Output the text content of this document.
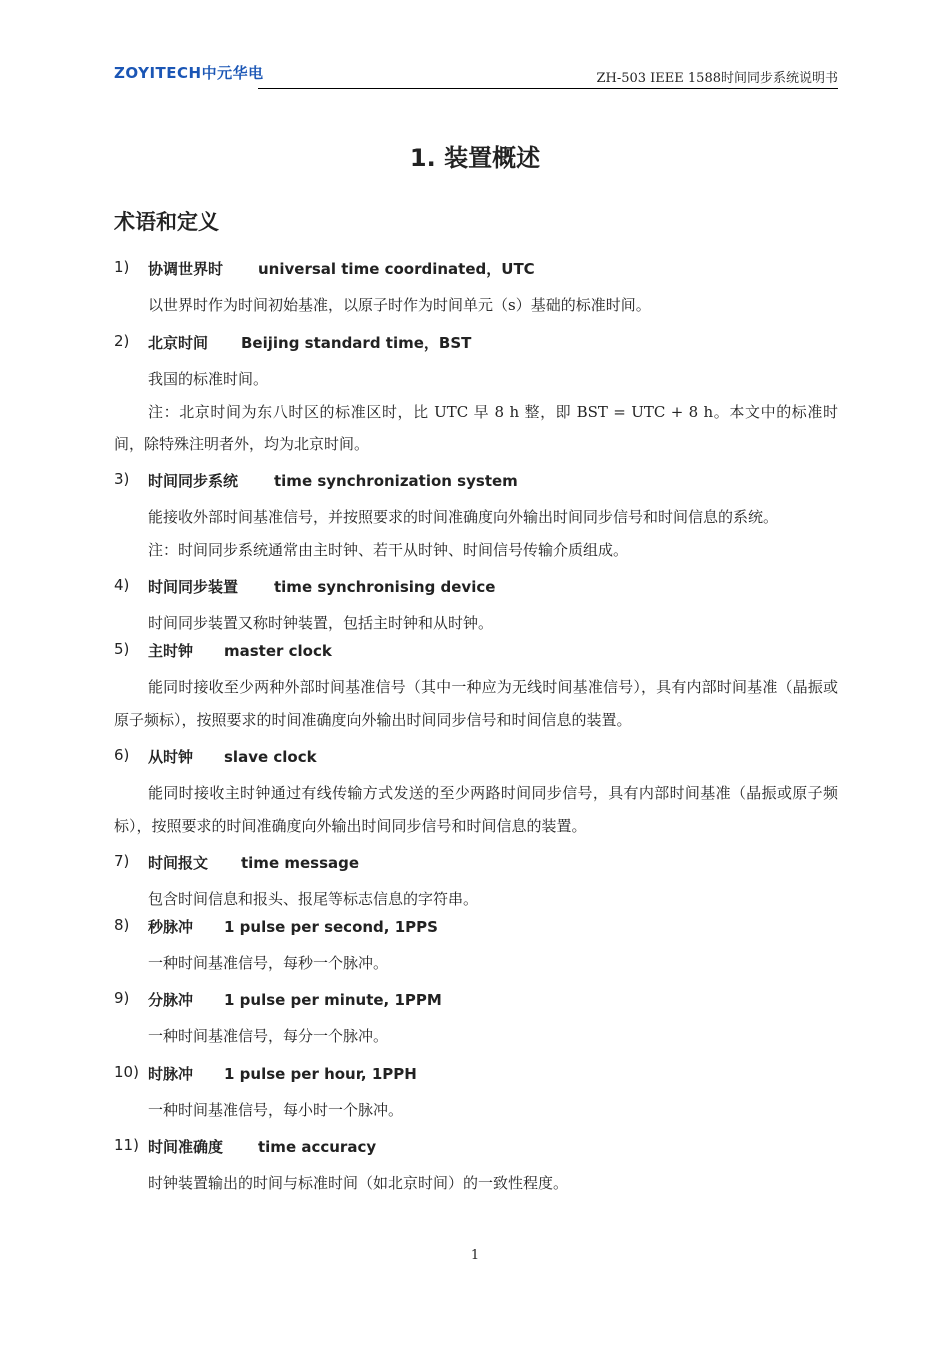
ZOYITECH中元华电	ZH-503 IEEE 1588时间同步系统说明书
1. 装置概述
术语和定义
1) 协调世界时 universal time coordinated，UTC

以世界时作为时间初始基准，以原子时作为时间单元（s）基础的标准时间。

2) 北京时间 Beijing standard time，BST

我国的标准时间。

注：北京时间为东八时区的标准区时，比 UTC 早 8 h 整，即 BST = UTC + 8 h。本文中的标准时间，除特殊注明者外，均为北京时间。

3) 时间同步系统 time synchronization system

能接收外部时间基准信号，并按照要求的时间准确度向外输出时间同步信号和时间信息的系统。

注：时间同步系统通常由主时钟、若干从时钟、时间信号传输介质组成。

4) 时间同步装置 time synchronising device

时间同步装置又称时钟装置，包括主时钟和从时钟。

5) 主时钟 master clock

能同时接收至少两种外部时间基准信号（其中一种应为无线时间基准信号），具有内部时间基准（晶振或原子频标），按照要求的时间准确度向外输出时间同步信号和时间信息的装置。

6) 从时钟 slave clock

能同时接收主时钟通过有线传输方式发送的至少两路时间同步信号，具有内部时间基准（晶振或原子频标），按照要求的时间准确度向外输出时间同步信号和时间信息的装置。

7) 时间报文 time message

包含时间信息和报头、报尾等标志信息的字符串。

8) 秒脉冲 1 pulse per second, 1PPS

一种时间基准信号，每秒一个脉冲。

9) 分脉冲 1 pulse per minute, 1PPM

一种时间基准信号，每分一个脉冲。

10) 时脉冲 1 pulse per hour, 1PPH

一种时间基准信号，每小时一个脉冲。

11) 时间准确度 time accuracy

时钟装置输出的时间与标准时间（如北京时间）的一致性程度。

1
